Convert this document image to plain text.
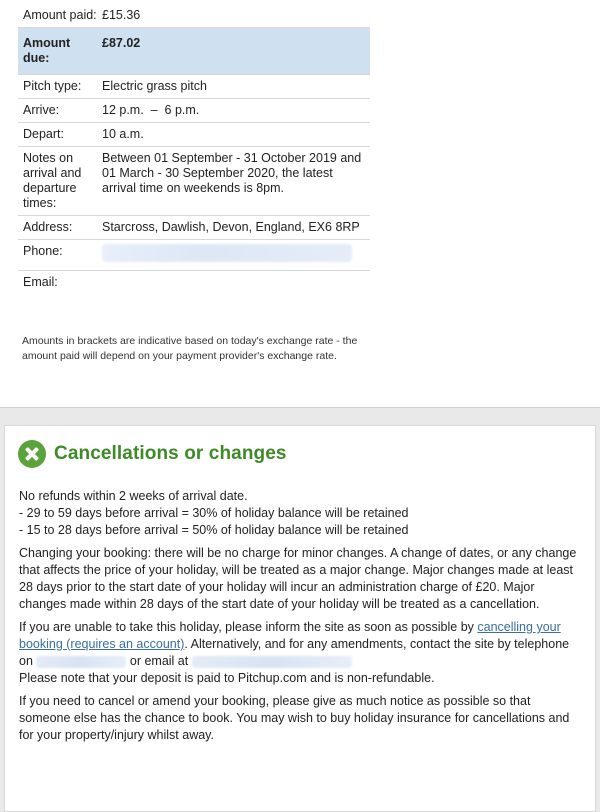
Amount paid:	£15.36
Amount due:	£87.02
Pitch type:	Electric grass pitch
Arrive:	12 p.m.  –  6 p.m.
Depart:	10 a.m.
Notes on arrival and departure times:	Between 01 September - 31 October 2019 and 01 March - 30 September 2020, the latest arrival time on weekends is 8pm.
Address:	Starcross, Dawlish, Devon, England, EX6 8RP
Phone:	
Email:	
Amounts in brackets are indicative based on today's exchange rate - the amount paid will depend on your payment provider's exchange rate.
Cancellations or changes

No refunds within 2 weeks of arrival date.
- 29 to 59 days before arrival = 30% of holiday balance will be retained
- 15 to 28 days before arrival = 50% of holiday balance will be retained

Changing your booking: there will be no charge for minor changes. A change of dates, or any change that affects the price of your holiday, will be treated as a major change. Major changes made at least 28 days prior to the start date of your holiday will incur an administration charge of £20. Major changes made within 28 days of the start date of your holiday will be treated as a cancellation.

If you are unable to take this holiday, please inform the site as soon as possible by cancelling your booking (requires an account). Alternatively, and for any amendments, contact the site by telephone on	or email at
Please note that your deposit is paid to Pitchup.com and is non-refundable.

If you need to cancel or amend your booking, please give as much notice as possible so that someone else has the chance to book. You may wish to buy holiday insurance for cancellations and for your property/injury whilst away.
